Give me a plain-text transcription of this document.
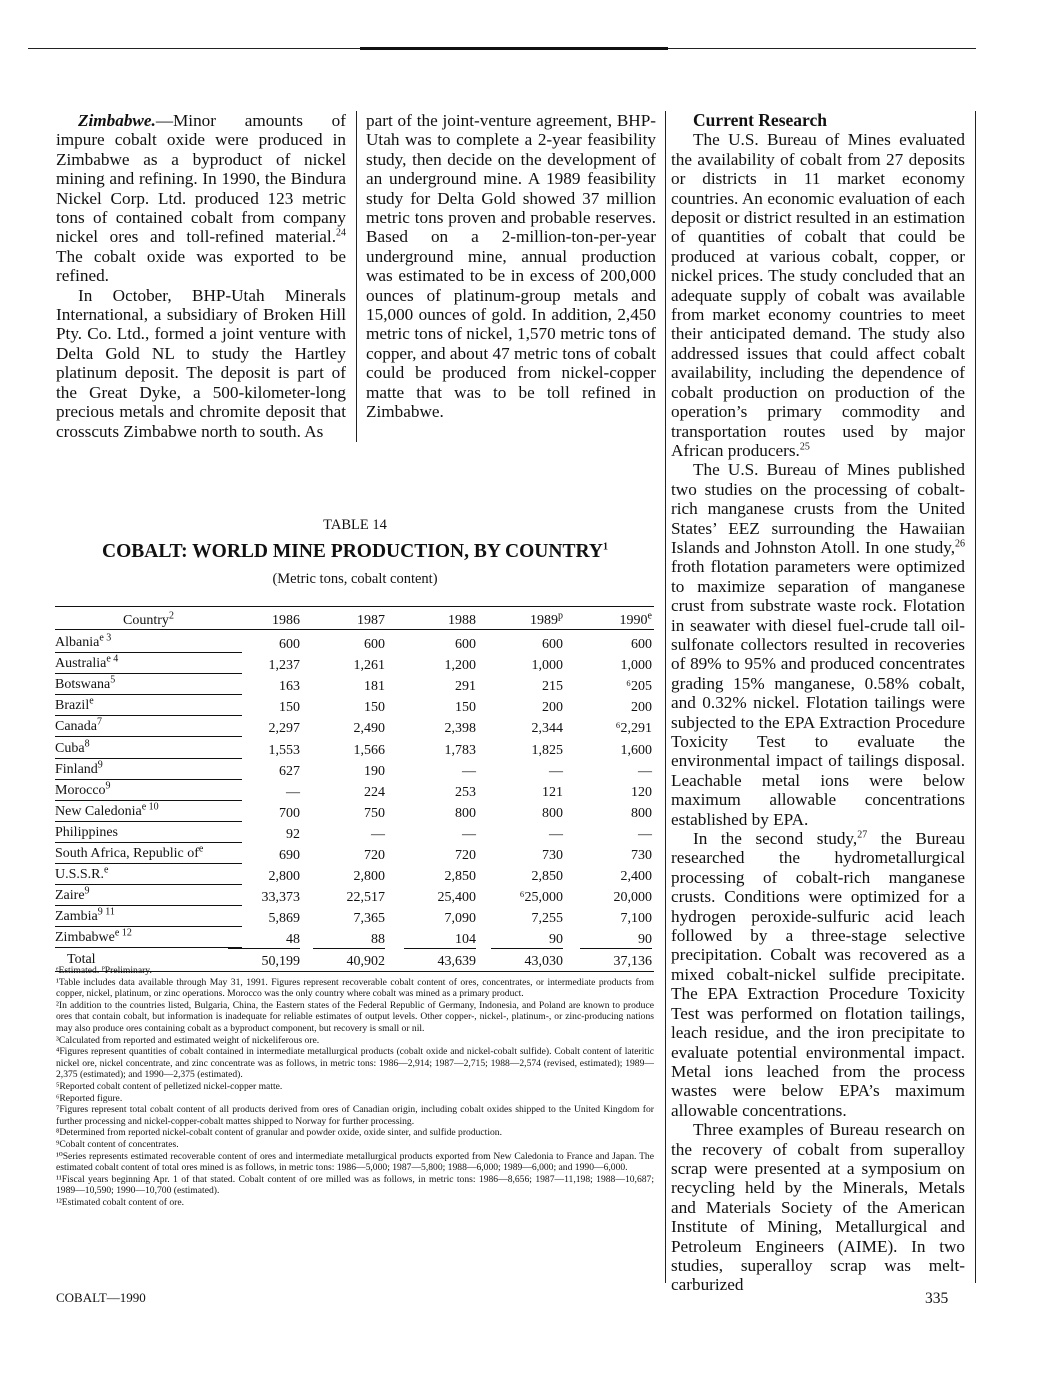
Zimbabwe.—Minor amounts of impure cobalt oxide were produced in Zimbabwe as a byproduct of nickel mining and refining. In 1990, the Bindura Nickel Corp. Ltd. produced 123 metric tons of contained cobalt from company nickel ores and toll-refined material.$^{24}$ The cobalt oxide was exported to be refined.

In October, BHP-Utah Minerals International, a subsidiary of Broken Hill Pty. Co. Ltd., formed a joint venture with Delta Gold NL to study the Hartley platinum deposit. The deposit is part of the Great Dyke, a 500-kilometer-long precious metals and chromite deposit that crosscuts Zimbabwe north to south. As

part of the joint-venture agreement, BHP-Utah was to complete a 2-year feasibility study, then decide on the development of an underground mine. A 1989 feasibility study for Delta Gold showed 37 million metric tons proven and probable reserves. Based on a 2-million-ton-per-year underground mine, annual production was estimated to be in excess of 200,000 ounces of platinum-group metals and 15,000 ounces of gold. In addition, 2,450 metric tons of nickel, 1,570 metric tons of copper, and about 47 metric tons of cobalt could be produced from nickel-copper matte that was to be toll refined in Zimbabwe.

Current Research

The U.S. Bureau of Mines evaluated the availability of cobalt from 27 deposits or districts in 11 market economy countries. An economic evaluation of each deposit or district resulted in an estimation of quantities of cobalt that could be produced at various cobalt, copper, or nickel prices. The study concluded that an adequate supply of cobalt was available from market economy countries to meet their anticipated demand. The study also addressed issues that could affect cobalt availability, including the dependence of cobalt production on production of the operation’s primary commodity and transportation routes used by major African producers.$^{25}$

The U.S. Bureau of Mines published two studies on the processing of cobalt-rich manganese crusts from the United States’ EEZ surrounding the Hawaiian Islands and Johnston Atoll. In one study,$^{26}$ froth flotation parameters were optimized to maximize separation of manganese crust from substrate waste rock. Flotation in seawater with diesel fuel-crude tall oil-sulfonate collectors resulted in recoveries of 89% to 95% and produced concentrates grading 15% manganese, 0.58% cobalt, and 0.32% nickel. Flotation tailings were subjected to the EPA Extraction Procedure Toxicity Test to evaluate the environmental impact of tailings disposal. Leachable metal ions were below maximum allowable concentrations established by EPA.

In the second study,$^{27}$ the Bureau researched the hydrometallurgical processing of cobalt-rich manganese crusts. Conditions were optimized for a hydrogen peroxide-sulfuric acid leach followed by a three-stage selective precipitation. Cobalt was recovered as a mixed cobalt-nickel sulfide precipitate. The EPA Extraction Procedure Toxicity Test was performed on flotation tailings, leach residue, and the iron precipitate to evaluate potential environmental impact. Metal ions leached from the process wastes were below EPA’s maximum allowable concentrations.

Three examples of Bureau research on the recovery of cobalt from superalloy scrap were presented at a symposium on recycling held by the Minerals, Metals and Materials Society of the American Institute of Mining, Metallurgical and Petroleum Engineers (AIME). In two studies, superalloy scrap was melt-carburized

TABLE 14
COBALT: WORLD MINE PRODUCTION, BY COUNTRY$^1$
(Metric tons, cobalt content)
Country$^2$	1986	1987	1988	1989$^p$	1990e
Albania$^{e 3}$	600	600	600	600	600
Australia$^{e 4}$	1,237	1,261	1,200	1,000	1,000
Botswana$^5$	163	181	291	215	⁶205
Brazil$^e$	150	150	150	200	200
Canada$^7$	2,297	2,490	2,398	2,344	⁶2,291
Cuba$^8$	1,553	1,566	1,783	1,825	1,600
Finland$^9$	627	190	—	—	—
Morocco$^9$	—	224	253	121	120
New Caledonia$^{e 10}$	700	750	800	800	800
Philippines	92	—	—	—	—
South Africa, Republic $of^e$	690	720	720	730	730
U.S.S.R.$^e$	2,800	2,800	2,850	2,850	2,400
Zaire$^9$	33,373	22,517	25,400	⁶25,000	20,000
Zambia$^{9 11}$	5,869	7,365	7,090	7,255	7,100
Zimbabwe$^{e 12}$	48	88	104	90	90
Total	50,199	40,902	43,639	43,030	37,136
ᵉEstimated. ᴾPreliminary.
¹Table includes data available through May 31, 1991. Figures represent recoverable cobalt content of ores, concentrates, or intermediate products from copper, nickel, platinum, or zinc operations. Morocco was the only country where cobalt was mined as a primary product.
²In addition to the countries listed, Bulgaria, China, the Eastern states of the Federal Republic of Germany, Indonesia, and Poland are known to produce ores that contain cobalt, but information is inadequate for reliable estimates of output levels. Other copper-, nickel-, platinum-, or zinc-producing nations may also produce ores containing cobalt as a byproduct component, but recovery is small or nil.
³Calculated from reported and estimated weight of nickeliferous ore.
⁴Figures represent quantities of cobalt contained in intermediate metallurgical products (cobalt oxide and nickel-cobalt sulfide). Cobalt content of lateritic nickel ore, nickel concentrate, and zinc concentrate was as follows, in metric tons: 1986—2,914; 1987—2,715; 1988—2,574 (revised, estimated); 1989—2,375 (estimated); and 1990—2,375 (estimated).
⁵Reported cobalt content of pelletized nickel-copper matte.
⁶Reported figure.
⁷Figures represent total cobalt content of all products derived from ores of Canadian origin, including cobalt oxides shipped to the United Kingdom for further processing and nickel-copper-cobalt mattes shipped to Norway for further processing.
⁸Determined from reported nickel-cobalt content of granular and powder oxide, oxide sinter, and sulfide production.
⁹Cobalt content of concentrates.
¹⁰Series represents estimated recoverable content of ores and intermediate metallurgical products exported from New Caledonia to France and Japan. The estimated cobalt content of total ores mined is as follows, in metric tons: 1986—5,000; 1987—5,800; 1988—6,000; 1989—6,000; and 1990—6,000.
¹¹Fiscal years beginning Apr. 1 of that stated. Cobalt content of ore milled was as follows, in metric tons: 1986—8,656; 1987—11,198; 1988—10,687; 1989—10,590; 1990—10,700 (estimated).
¹²Estimated cobalt content of ore.
COBALT—1990	335
